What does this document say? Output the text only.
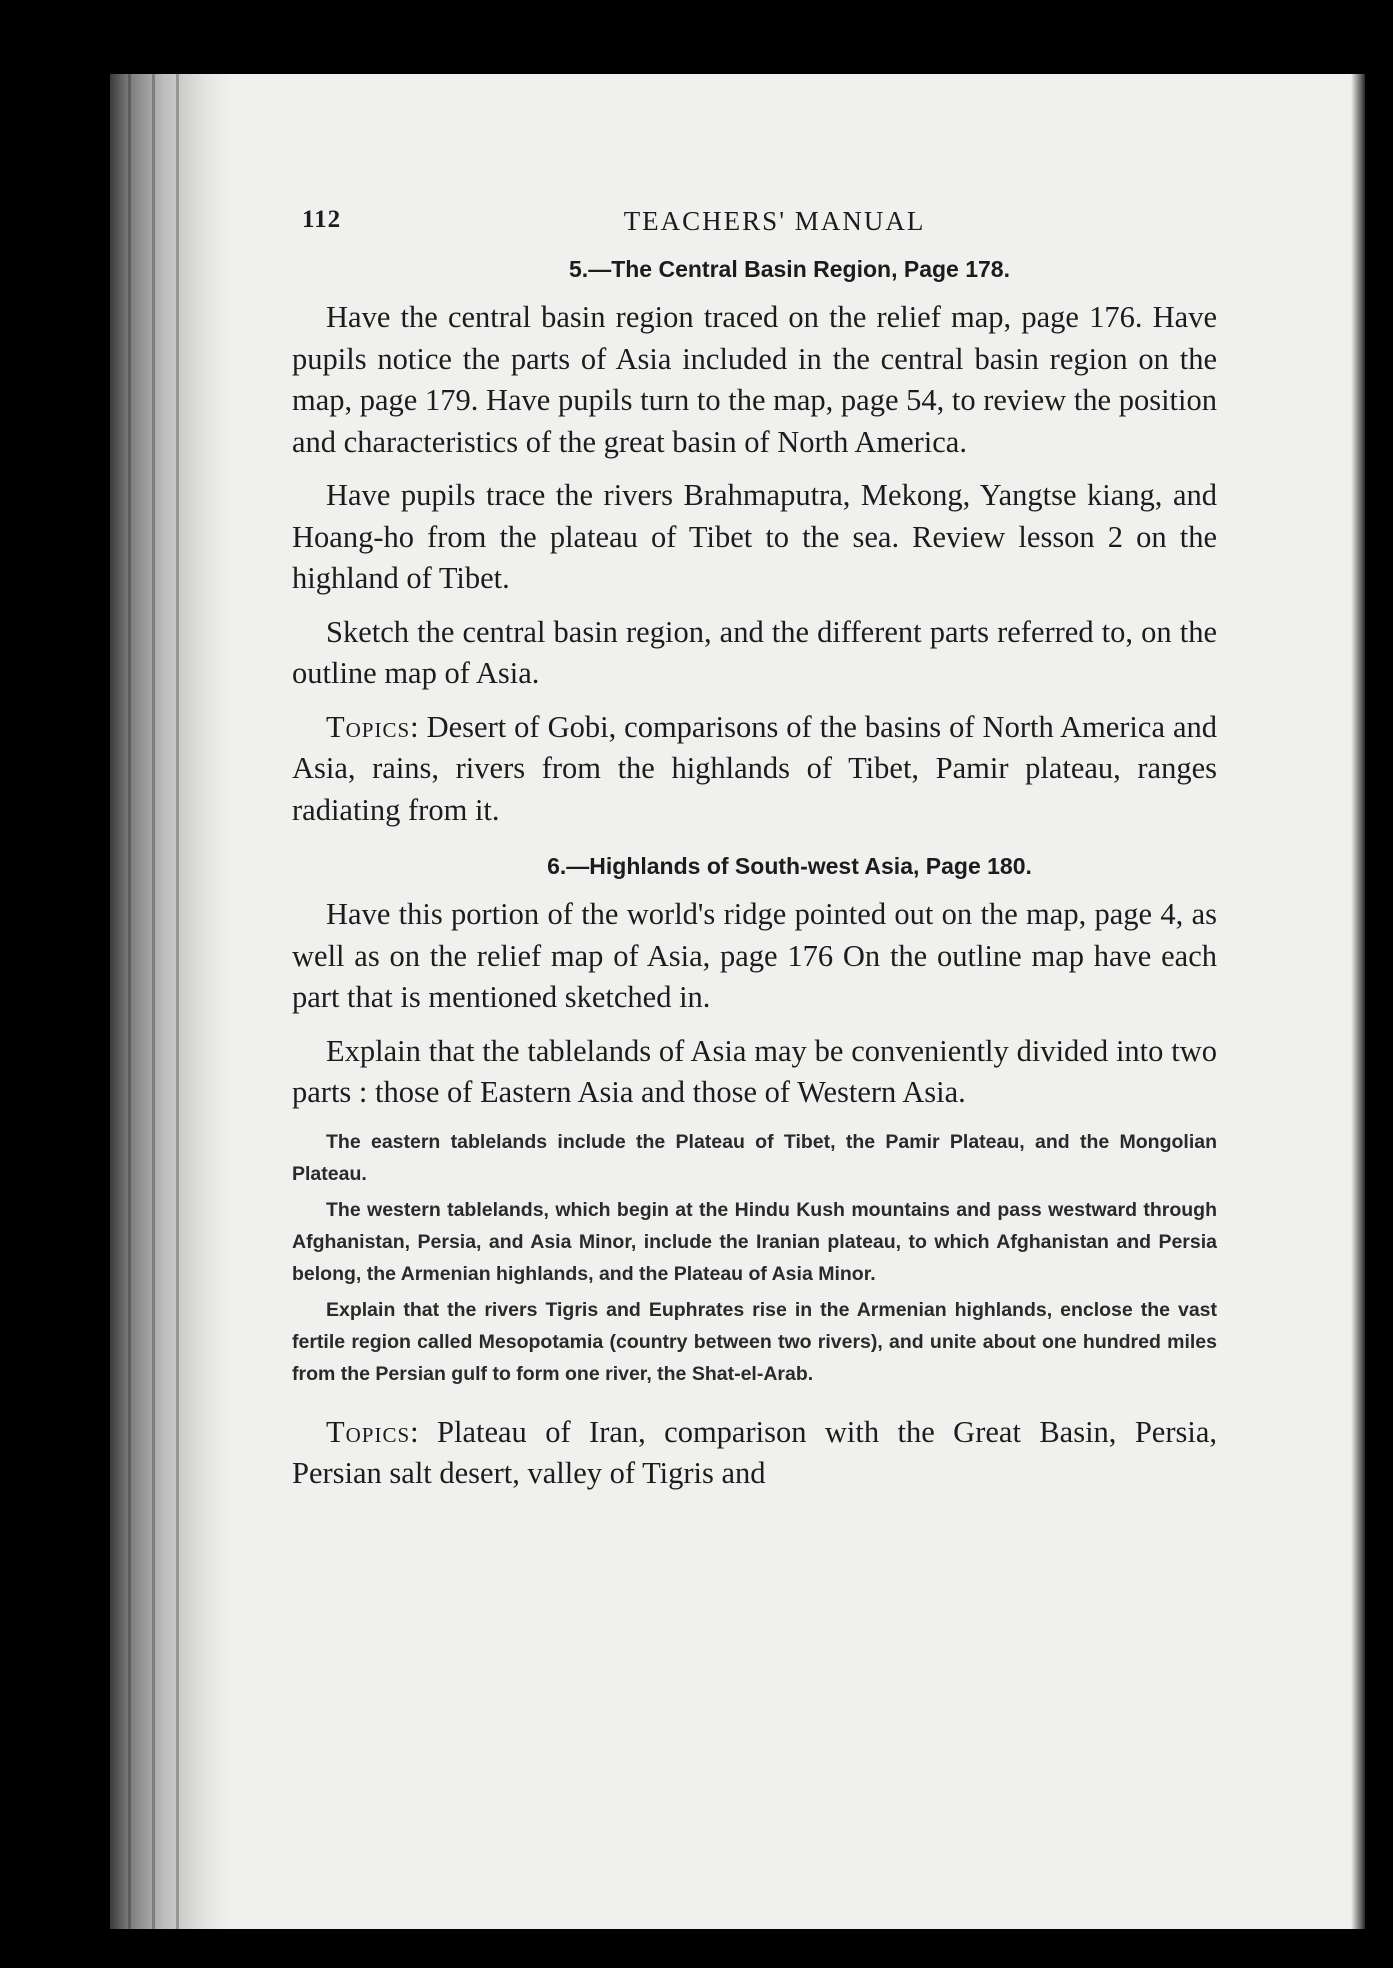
112	TEACHERS' MANUAL
5.—The Central Basin Region, Page 178.

Have the central basin region traced on the relief map, page 176. Have pupils notice the parts of Asia included in the central basin region on the map, page 179. Have pupils turn to the map, page 54, to review the position and characteristics of the great basin of North America.

Have pupils trace the rivers Brahmaputra, Mekong, Yangtse kiang, and Hoang-ho from the plateau of Tibet to the sea. Review lesson 2 on the highland of Tibet.

Sketch the central basin region, and the different parts referred to, on the outline map of Asia.

Topics: Desert of Gobi, comparisons of the basins of North America and Asia, rains, rivers from the highlands of Tibet, Pamir plateau, ranges radiating from it.

6.—Highlands of South-west Asia, Page 180.

Have this portion of the world's ridge pointed out on the map, page 4, as well as on the relief map of Asia, page 176 On the outline map have each part that is mentioned sketched in.

Explain that the tablelands of Asia may be conveniently divided into two parts : those of Eastern Asia and those of Western Asia.

The eastern tablelands include the Plateau of Tibet, the Pamir Plateau, and the Mongolian Plateau.

The western tablelands, which begin at the Hindu Kush mountains and pass westward through Afghanistan, Persia, and Asia Minor, include the Iranian plateau, to which Afghanistan and Persia belong, the Armenian highlands, and the Plateau of Asia Minor.

Explain that the rivers Tigris and Euphrates rise in the Armenian highlands, enclose the vast fertile region called Mesopotamia (country between two rivers), and unite about one hundred miles from the Persian gulf to form one river, the Shat-el-Arab.

Topics: Plateau of Iran, comparison with the Great Basin, Persia, Persian salt desert, valley of Tigris and
